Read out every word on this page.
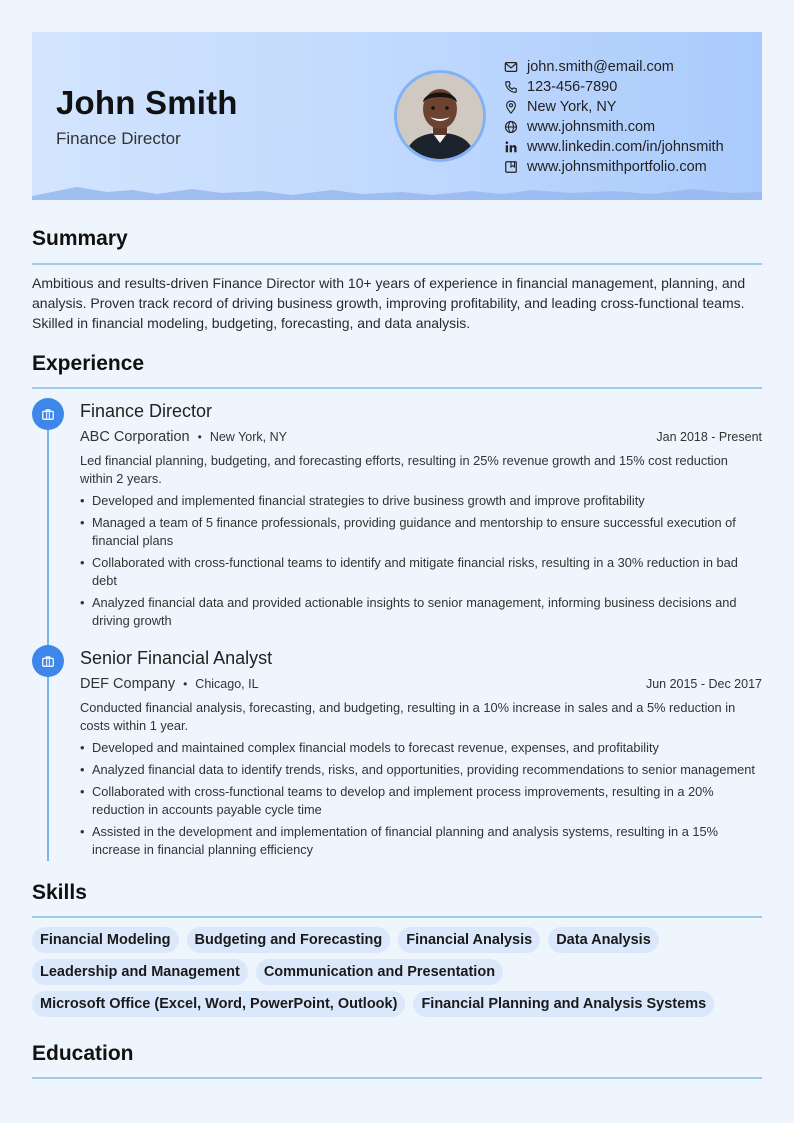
John Smith
Finance Director
john.smith@email.com
123-456-7890
New York, NY
www.johnsmith.com
www.linkedin.com/in/johnsmith
www.johnsmithportfolio.com
Summary
Ambitious and results-driven Finance Director with 10+ years of experience in financial management, planning, and analysis. Proven track record of driving business growth, improving profitability, and leading cross-functional teams. Skilled in financial modeling, budgeting, forecasting, and data analysis.
Experience
Finance Director
ABC Corporation • New York, NY	Jan 2018 - Present
Led financial planning, budgeting, and forecasting efforts, resulting in 25% revenue growth and 15% cost reduction within 2 years.
• Developed and implemented financial strategies to drive business growth and improve profitability
• Managed a team of 5 finance professionals, providing guidance and mentorship to ensure successful execution of financial plans
• Collaborated with cross-functional teams to identify and mitigate financial risks, resulting in a 30% reduction in bad debt
• Analyzed financial data and provided actionable insights to senior management, informing business decisions and driving growth
Senior Financial Analyst
DEF Company • Chicago, IL	Jun 2015 - Dec 2017
Conducted financial analysis, forecasting, and budgeting, resulting in a 10% increase in sales and a 5% reduction in costs within 1 year.
• Developed and maintained complex financial models to forecast revenue, expenses, and profitability
• Analyzed financial data to identify trends, risks, and opportunities, providing recommendations to senior management
• Collaborated with cross-functional teams to develop and implement process improvements, resulting in a 20% reduction in accounts payable cycle time
• Assisted in the development and implementation of financial planning and analysis systems, resulting in a 15% increase in financial planning efficiency
Skills
Financial Modeling	Budgeting and Forecasting	Financial Analysis	Data Analysis
Leadership and Management	Communication and Presentation
Microsoft Office (Excel, Word, PowerPoint, Outlook)	Financial Planning and Analysis Systems
Education
